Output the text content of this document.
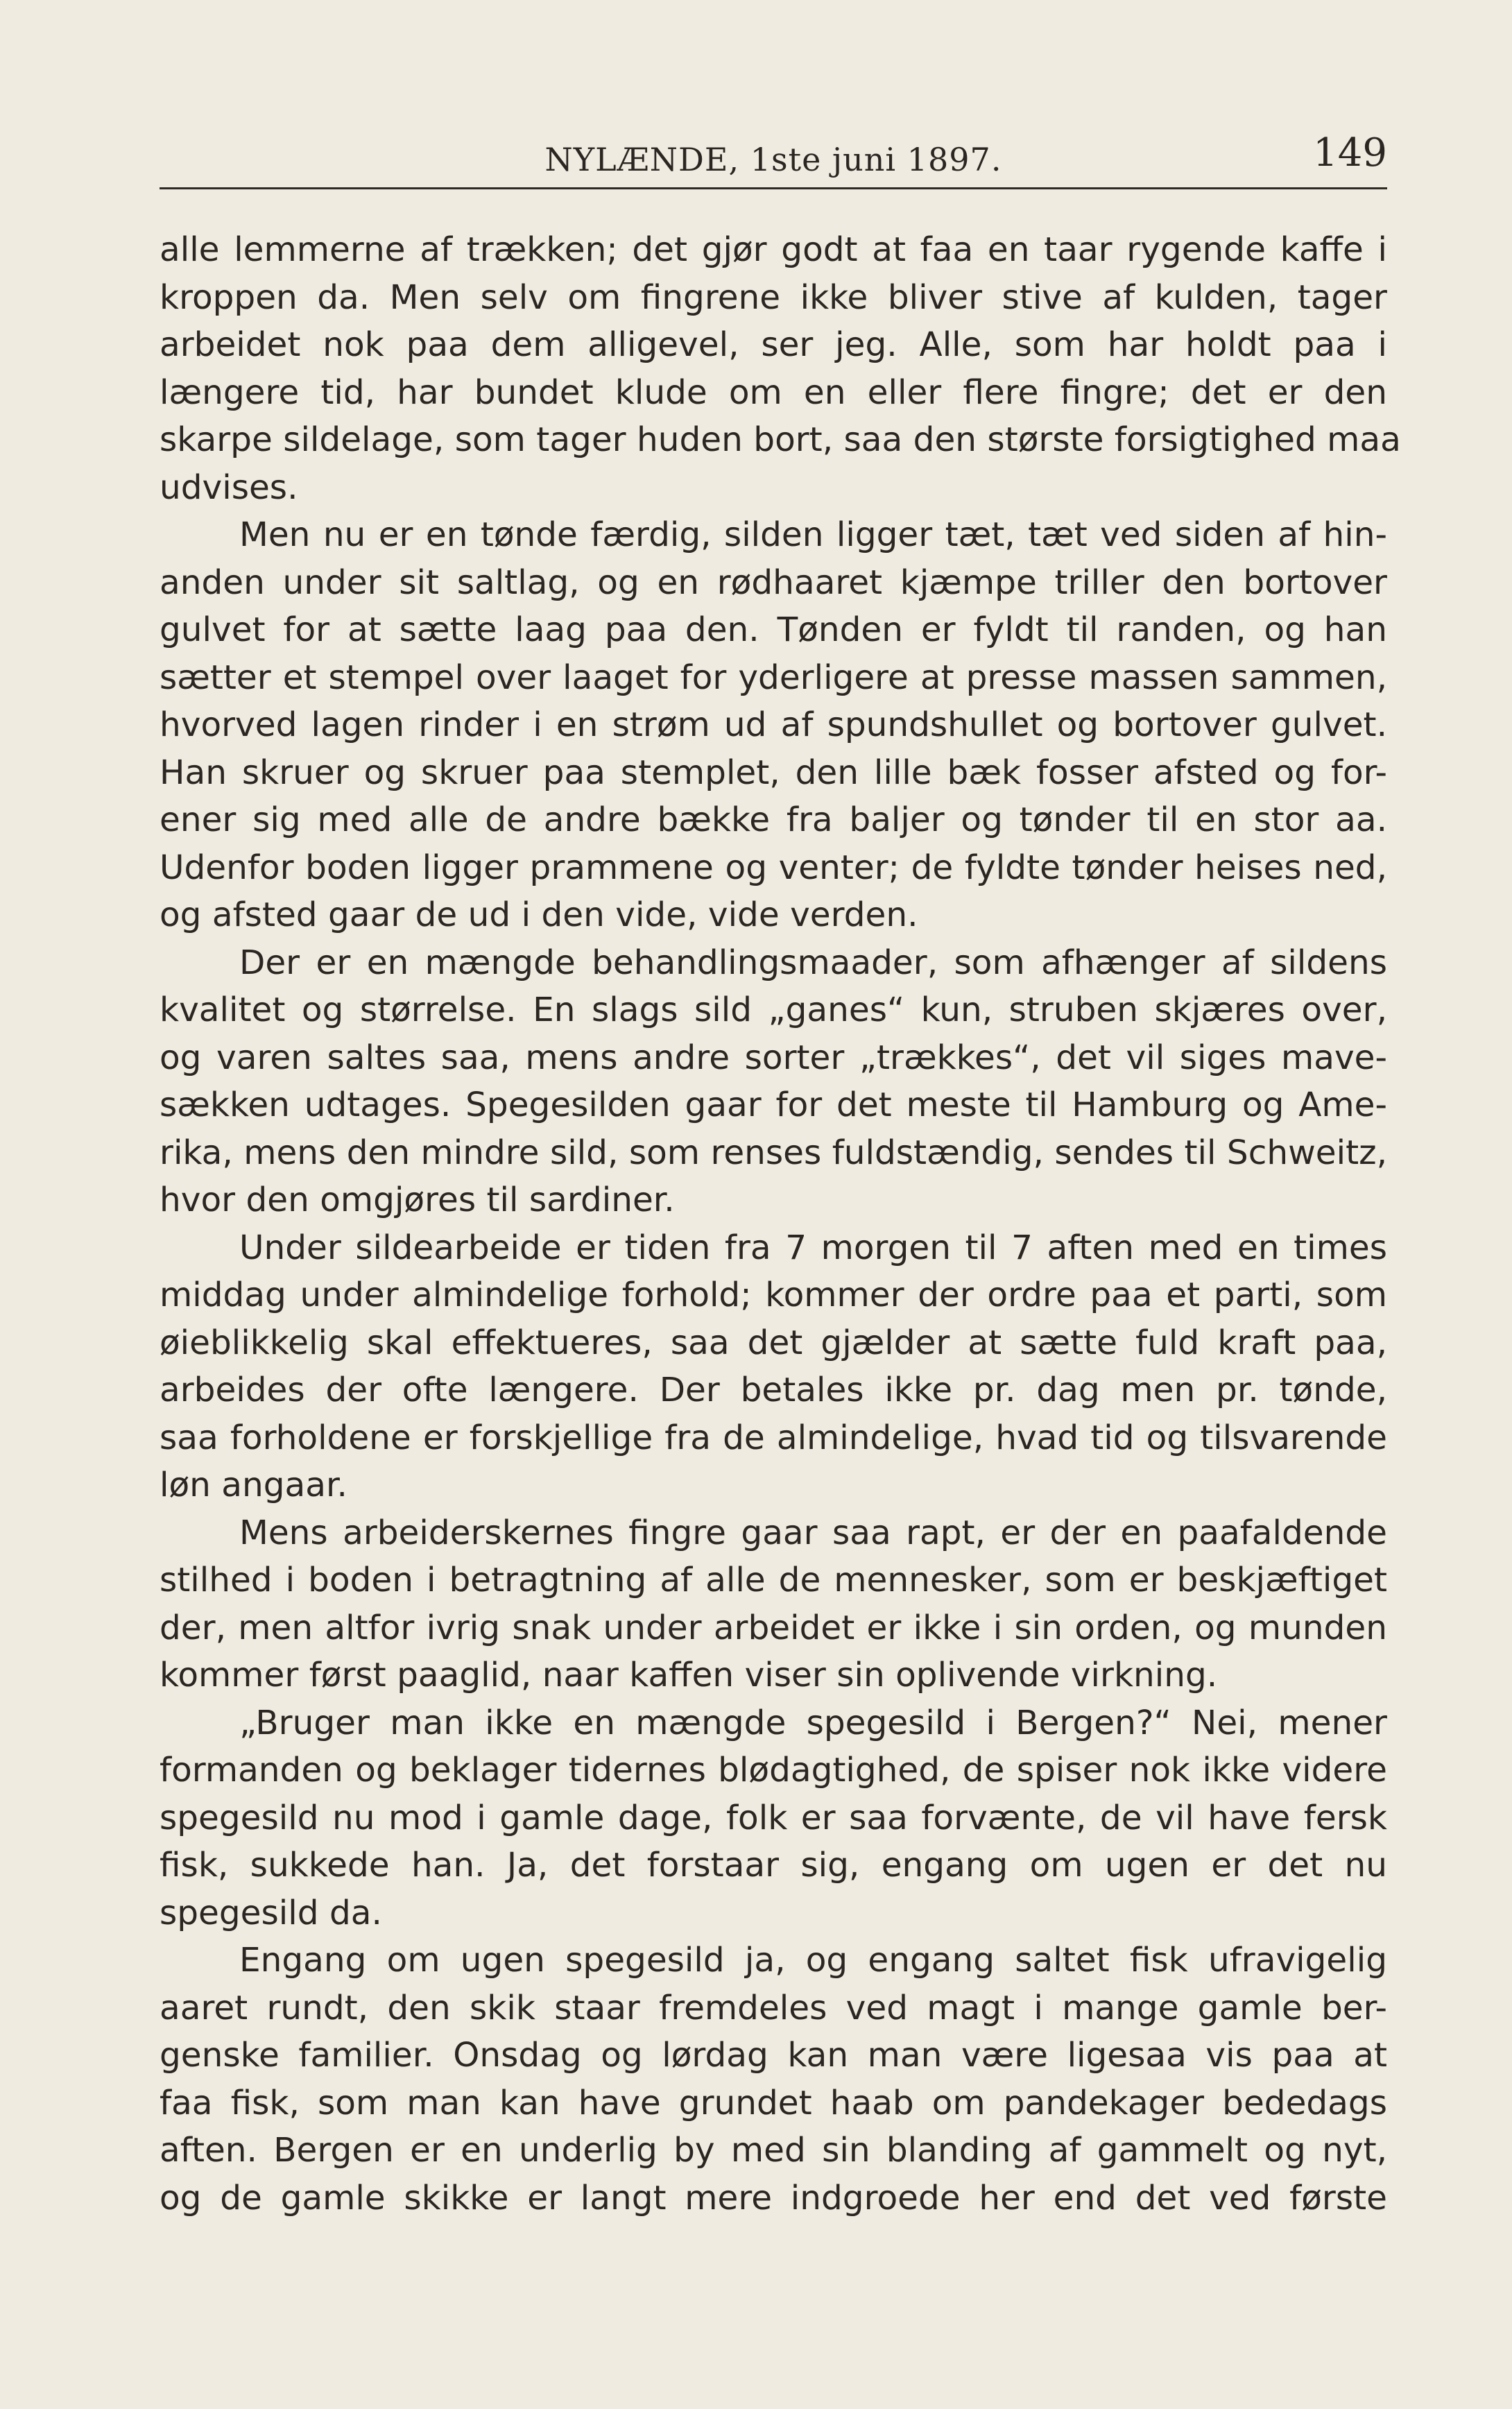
NYLÆNDE, 1ste juni 1897.	149
alle lemmerne af trækken; det gjør godt at faa en taar rygende kaffe i
kroppen da. Men selv om fingrene ikke bliver stive af kulden, tager
arbeidet nok paa dem alligevel, ser jeg. Alle, som har holdt paa i
længere tid, har bundet klude om en eller flere fingre; det er den
skarpe sildelage, som tager huden bort, saa den største forsigtighed maa
udvises.
Men nu er en tønde færdig, silden ligger tæt, tæt ved siden af hin-
anden under sit saltlag, og en rødhaaret kjæmpe triller den bortover
gulvet for at sætte laag paa den. Tønden er fyldt til randen, og han
sætter et stempel over laaget for yderligere at presse massen sammen,
hvorved lagen rinder i en strøm ud af spundshullet og bortover gulvet.
Han skruer og skruer paa stemplet, den lille bæk fosser afsted og for-
ener sig med alle de andre bække fra baljer og tønder til en stor aa.
Udenfor boden ligger prammene og venter; de fyldte tønder heises ned,
og afsted gaar de ud i den vide, vide verden.
Der er en mængde behandlingsmaader, som afhænger af sildens
kvalitet og størrelse. En slags sild „ganes“ kun, struben skjæres over,
og varen saltes saa, mens andre sorter „trækkes“, det vil siges mave-
sækken udtages. Spegesilden gaar for det meste til Hamburg og Ame-
rika, mens den mindre sild, som renses fuldstændig, sendes til Schweitz,
hvor den omgjøres til sardiner.
Under sildearbeide er tiden fra 7 morgen til 7 aften med en times
middag under almindelige forhold; kommer der ordre paa et parti, som
øieblikkelig skal effektueres, saa det gjælder at sætte fuld kraft paa,
arbeides der ofte længere. Der betales ikke pr. dag men pr. tønde,
saa forholdene er forskjellige fra de almindelige, hvad tid og tilsvarende
løn angaar.
Mens arbeiderskernes fingre gaar saa rapt, er der en paafaldende
stilhed i boden i betragtning af alle de mennesker, som er beskjæftiget
der, men altfor ivrig snak under arbeidet er ikke i sin orden, og munden
kommer først paaglid, naar kaffen viser sin oplivende virkning.
„Bruger man ikke en mængde spegesild i Bergen?“ Nei, mener
formanden og beklager tidernes blødagtighed, de spiser nok ikke videre
spegesild nu mod i gamle dage, folk er saa forvænte, de vil have fersk
fisk, sukkede han. Ja, det forstaar sig, engang om ugen er det nu
spegesild da.
Engang om ugen spegesild ja, og engang saltet fisk ufravigelig
aaret rundt, den skik staar fremdeles ved magt i mange gamle ber-
genske familier. Onsdag og lørdag kan man være ligesaa vis paa at
faa fisk, som man kan have grundet haab om pandekager bededags
aften. Bergen er en underlig by med sin blanding af gammelt og nyt,
og de gamle skikke er langt mere indgroede her end det ved første
